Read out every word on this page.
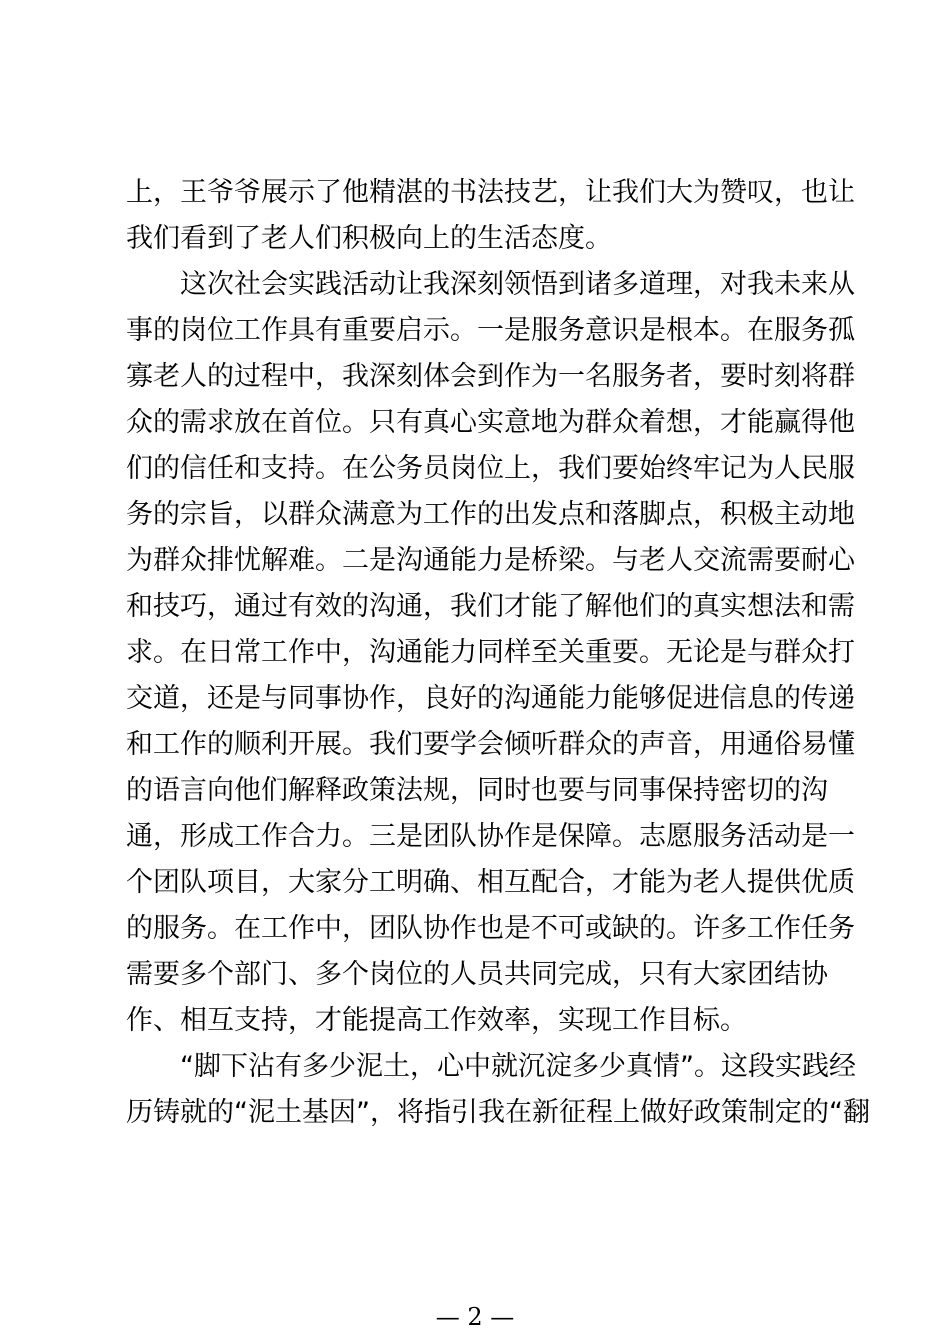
上，王爷爷展示了他精湛的书法技艺，让我们大为赞叹，也让
我们看到了老人们积极向上的生活态度。
　　这次社会实践活动让我深刻领悟到诸多道理，对我未来从
事的岗位工作具有重要启示。一是服务意识是根本。在服务孤
寡老人的过程中，我深刻体会到作为一名服务者，要时刻将群
众的需求放在首位。只有真心实意地为群众着想，才能赢得他
们的信任和支持。在公务员岗位上，我们要始终牢记为人民服
务的宗旨，以群众满意为工作的出发点和落脚点，积极主动地
为群众排忧解难。二是沟通能力是桥梁。与老人交流需要耐心
和技巧，通过有效的沟通，我们才能了解他们的真实想法和需
求。在日常工作中，沟通能力同样至关重要。无论是与群众打
交道，还是与同事协作，良好的沟通能力能够促进信息的传递
和工作的顺利开展。我们要学会倾听群众的声音，用通俗易懂
的语言向他们解释政策法规，同时也要与同事保持密切的沟
通，形成工作合力。三是团队协作是保障。志愿服务活动是一
个团队项目，大家分工明确、相互配合，才能为老人提供优质
的服务。在工作中，团队协作也是不可或缺的。许多工作任务
需要多个部门、多个岗位的人员共同完成，只有大家团结协
作、相互支持，才能提高工作效率，实现工作目标。
　　“脚下沾有多少泥土，心中就沉淀多少真情”。这段实践经
历铸就的“泥土基因”，将指引我在新征程上做好政策制定的“翻
— 2 —
